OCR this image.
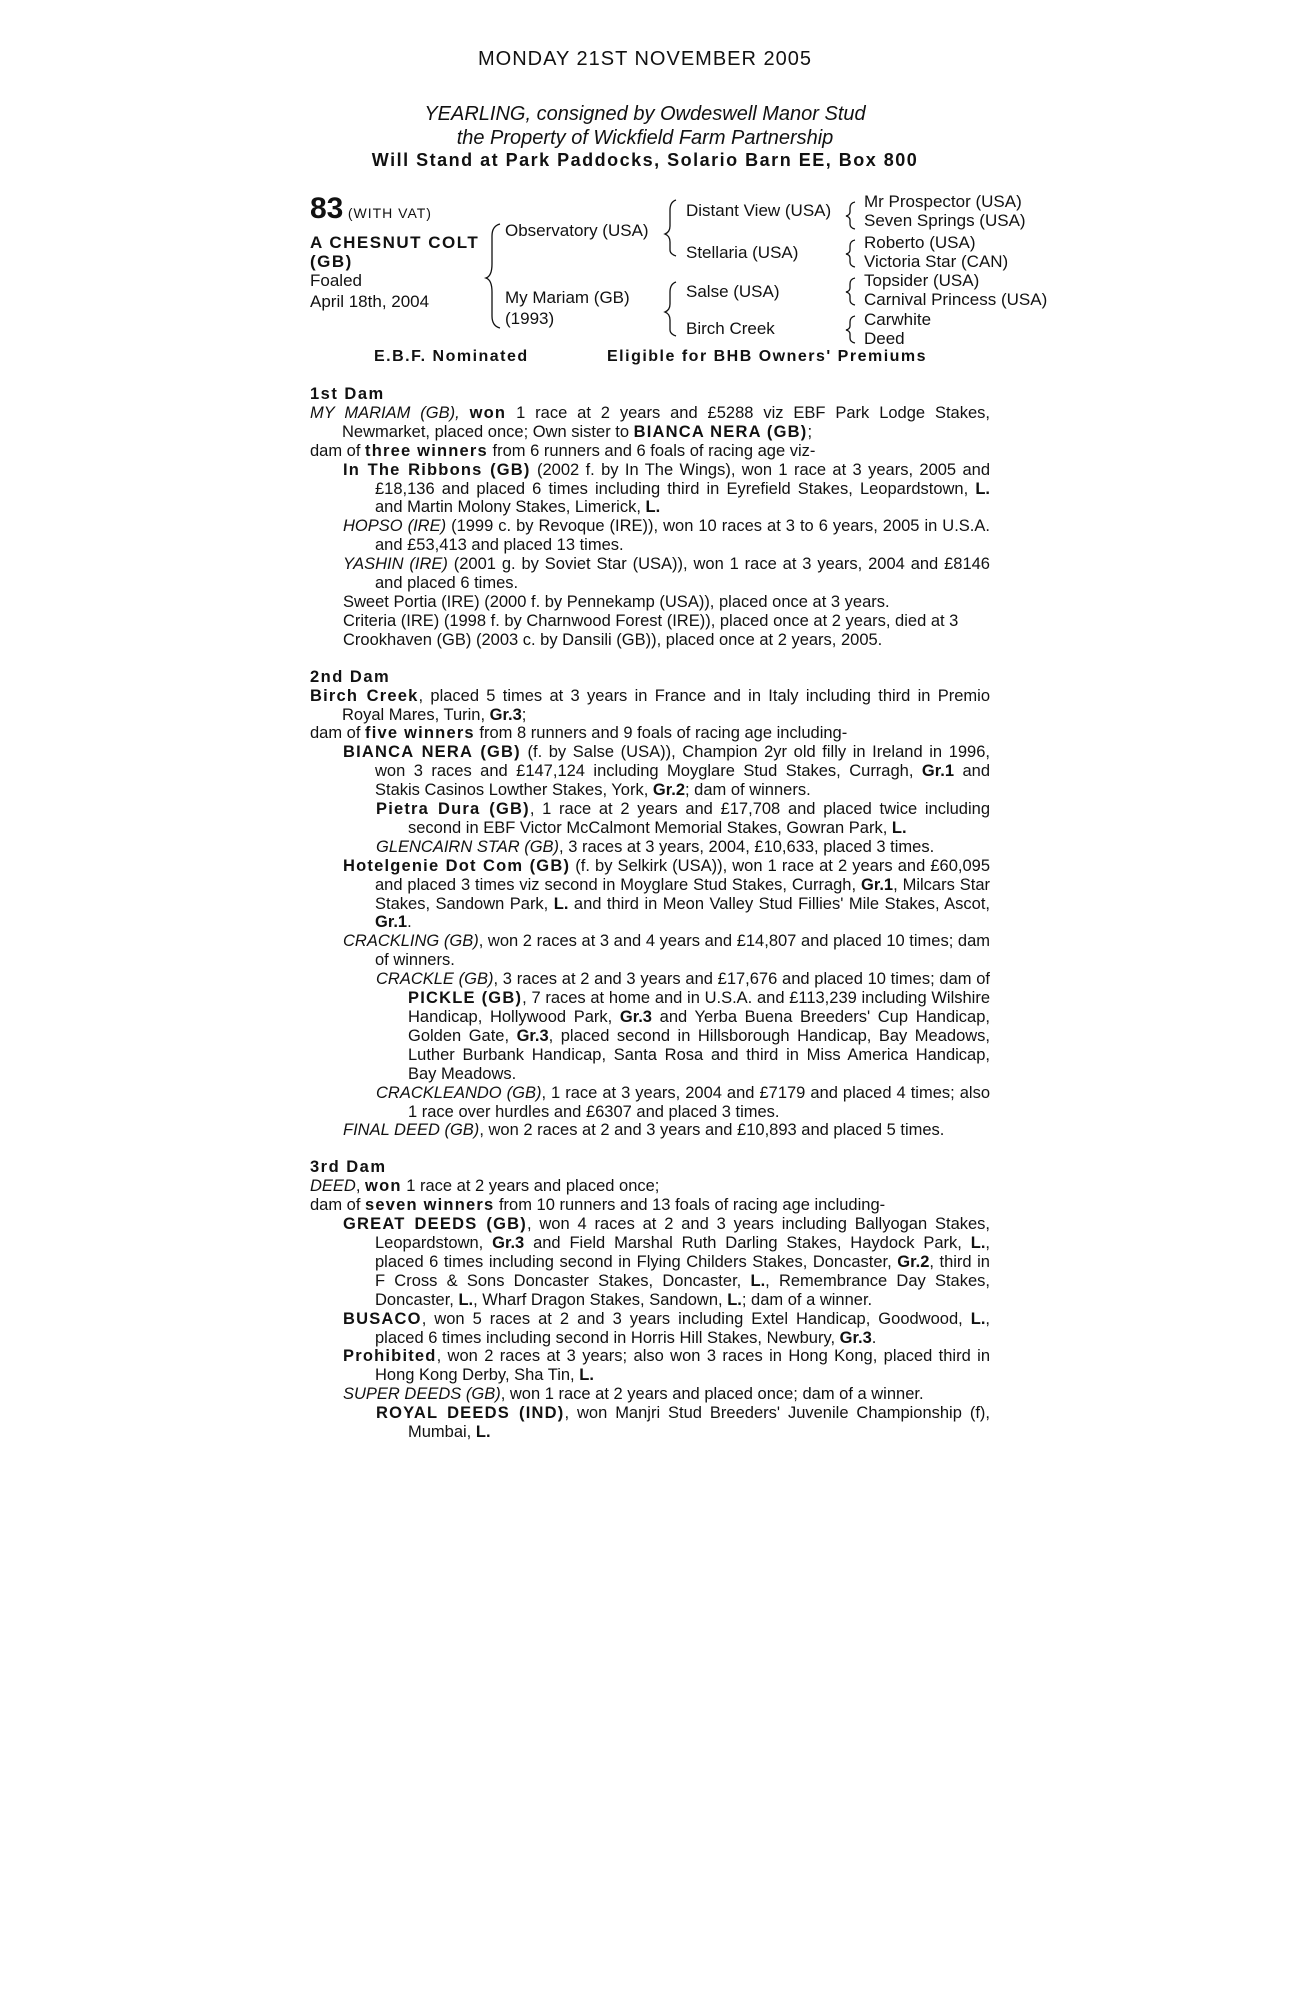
MONDAY 21ST NOVEMBER 2005
YEARLING, consigned by Owdeswell Manor Stud
the Property of Wickfield Farm Partnership
Will Stand at Park Paddocks, Solario Barn EE, Box 800
83 (WITH VAT)
A CHESNUT COLT
(GB)
Foaled
April 18th, 2004
Observatory (USA)
My Mariam (GB)
(1993)
Distant View (USA)
Stellaria (USA)
Salse (USA)
Birch Creek
Mr Prospector (USA)
Seven Springs (USA)
Roberto (USA)
Victoria Star (CAN)
Topsider (USA)
Carnival Princess (USA)
Carwhite
Deed
E.B.F. Nominated	Eligible for BHB Owners' Premiums

1st Dam

MY MARIAM (GB), won 1 race at 2 years and £5288 viz EBF Park Lodge Stakes, Newmarket, placed once; Own sister to BIANCA NERA (GB);

dam of three winners from 6 runners and 6 foals of racing age viz-

In The Ribbons (GB) (2002 f. by In The Wings), won 1 race at 3 years, 2005 and £18,136 and placed 6 times including third in Eyrefield Stakes, Leopardstown, L. and Martin Molony Stakes, Limerick, L.

HOPSO (IRE) (1999 c. by Revoque (IRE)), won 10 races at 3 to 6 years, 2005 in U.S.A. and £53,413 and placed 13 times.

YASHIN (IRE) (2001 g. by Soviet Star (USA)), won 1 race at 3 years, 2004 and £8146 and placed 6 times.

Sweet Portia (IRE) (2000 f. by Pennekamp (USA)), placed once at 3 years.

Criteria (IRE) (1998 f. by Charnwood Forest (IRE)), placed once at 2 years, died at 3

Crookhaven (GB) (2003 c. by Dansili (GB)), placed once at 2 years, 2005.

2nd Dam

Birch Creek, placed 5 times at 3 years in France and in Italy including third in Premio Royal Mares, Turin, Gr.3;

dam of five winners from 8 runners and 9 foals of racing age including-

BIANCA NERA (GB) (f. by Salse (USA)), Champion 2yr old filly in Ireland in 1996, won 3 races and £147,124 including Moyglare Stud Stakes, Curragh, Gr.1 and Stakis Casinos Lowther Stakes, York, Gr.2; dam of winners.

Pietra Dura (GB), 1 race at 2 years and £17,708 and placed twice including second in EBF Victor McCalmont Memorial Stakes, Gowran Park, L.

GLENCAIRN STAR (GB), 3 races at 3 years, 2004, £10,633, placed 3 times.

Hotelgenie Dot Com (GB) (f. by Selkirk (USA)), won 1 race at 2 years and £60,095 and placed 3 times viz second in Moyglare Stud Stakes, Curragh, Gr.1, Milcars Star Stakes, Sandown Park, L. and third in Meon Valley Stud Fillies' Mile Stakes, Ascot, Gr.1.

CRACKLING (GB), won 2 races at 3 and 4 years and £14,807 and placed 10 times; dam of winners.

CRACKLE (GB), 3 races at 2 and 3 years and £17,676 and placed 10 times; dam of PICKLE (GB), 7 races at home and in U.S.A. and £113,239 including Wilshire Handicap, Hollywood Park, Gr.3 and Yerba Buena Breeders' Cup Handicap, Golden Gate, Gr.3, placed second in Hillsborough Handicap, Bay Meadows, Luther Burbank Handicap, Santa Rosa and third in Miss America Handicap, Bay Meadows.

CRACKLEANDO (GB), 1 race at 3 years, 2004 and £7179 and placed 4 times; also 1 race over hurdles and £6307 and placed 3 times.

FINAL DEED (GB), won 2 races at 2 and 3 years and £10,893 and placed 5 times.

3rd Dam

DEED, won 1 race at 2 years and placed once;

dam of seven winners from 10 runners and 13 foals of racing age including-

GREAT DEEDS (GB), won 4 races at 2 and 3 years including Ballyogan Stakes, Leopardstown, Gr.3 and Field Marshal Ruth Darling Stakes, Haydock Park, L., placed 6 times including second in Flying Childers Stakes, Doncaster, Gr.2, third in F Cross & Sons Doncaster Stakes, Doncaster, L., Remembrance Day Stakes, Doncaster, L., Wharf Dragon Stakes, Sandown, L.; dam of a winner.

BUSACO, won 5 races at 2 and 3 years including Extel Handicap, Goodwood, L., placed 6 times including second in Horris Hill Stakes, Newbury, Gr.3.

Prohibited, won 2 races at 3 years; also won 3 races in Hong Kong, placed third in Hong Kong Derby, Sha Tin, L.

SUPER DEEDS (GB), won 1 race at 2 years and placed once; dam of a winner.

ROYAL DEEDS (IND), won Manjri Stud Breeders' Juvenile Championship (f), Mumbai, L.
